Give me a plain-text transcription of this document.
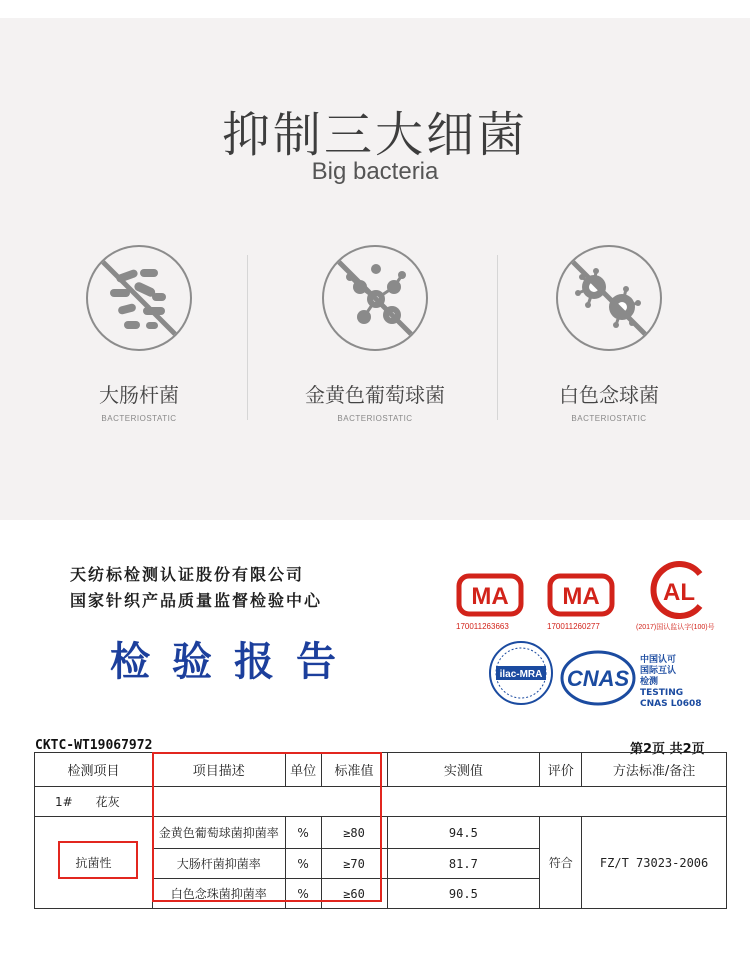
抑制三大细菌
Big bacteria
大肠杆菌
BACTERIOSTATIC
金黄色葡萄球菌
BACTERIOSTATIC
白色念球菌
BACTERIOSTATIC
天纺标检测认证股份有限公司
国家针织产品质量监督检验中心
检验报告
MA
170011263663
MA
170011260277
AL
(2017)国认监认字(100)号
ilac-MRA CNAS
中国认可
国际互认
检测
TESTING
CNAS L0608
CKTC-WT19067972	第2页 共2页
检测项目	项目描述	单位	标准值	实测值	评价	方法标准/备注
1# 花灰						
抗菌性	金黄色葡萄球菌抑菌率	%	≥80	94.5	符合	FZ/T 73023-2006
	大肠杆菌抑菌率	%	≥70	81.7		
	白色念珠菌抑菌率	%	≥60	90.5		
